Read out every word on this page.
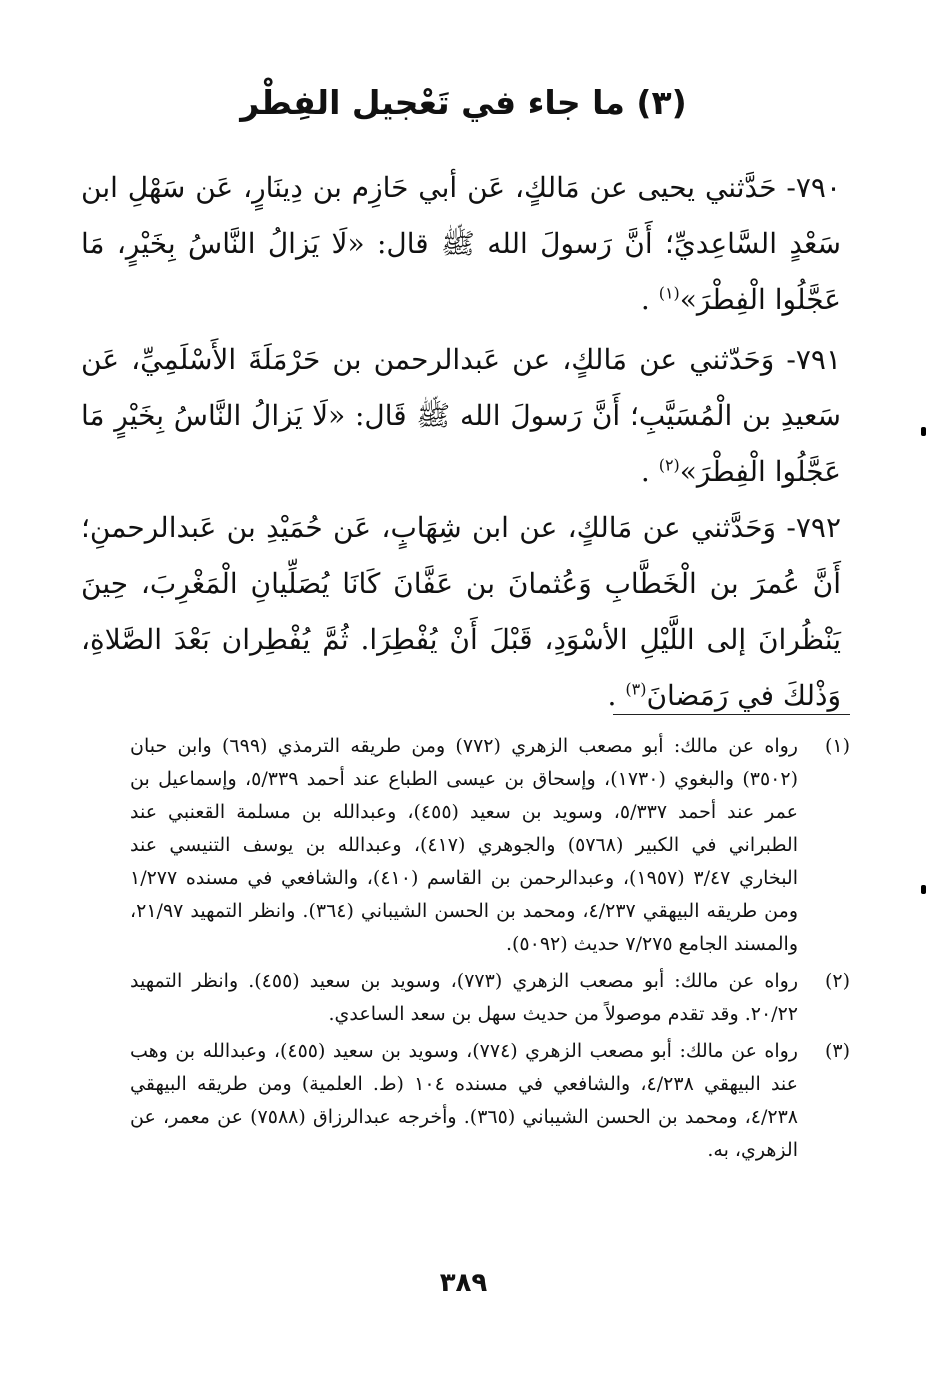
(٣) ما جاء في تَعْجيل الفِطْر

٧٩٠- حَدَّثني يحيى عن مَالكٍ، عَن أبي حَازِم بن دِينَارٍ، عَن سَهْلِ ابن سَعْدٍ السَّاعِديِّ؛ أَنَّ رَسولَ الله ﷺ قال: «لَا يَزالُ النَّاسُ بِخَيْرٍ، مَا عَجَّلُوا الْفِطْرَ»$^{(١)}$ .

٧٩١- وَحَدّثني عن مَالكٍ، عن عَبدالرحمن بن حَرْمَلَةَ الأَسْلَمِيِّ، عَن سَعيدِ بن الْمُسَيَّبِ؛ أَنَّ رَسولَ الله ﷺ قَال: «لَا يَزالُ النَّاسُ بِخَيْرٍ مَا عَجَّلُوا الْفِطْرَ»$^{(٢)}$ .

٧٩٢- وَحَدَّثني عن مَالكٍ، عن ابن شِهَابٍ، عَن حُمَيْدِ بن عَبدالرحمنِ؛ أَنَّ عُمرَ بن الْخَطَّابِ وَعُثمانَ بن عَفَّانَ كَانَا يُصَلِّيانِ الْمَغْرِبَ، حِينَ يَنْظُرانَ إلى اللَّيْلِ الأسْوَدِ، قَبْلَ أَنْ يُفْطِرَا. ثُمَّ يُفْطِران بَعْدَ الصَّلاةِ، وَذْلكَ في رَمَضانَ$^{(٣)}$ .

(١)
رواه عن مالك: أبو مصعب الزهري (٧٧٢) ومن طريقه الترمذي (٦٩٩) وابن حبان (٣٥٠٢) والبغوي (١٧٣٠)، وإسحاق بن عيسى الطباع عند أحمد ٥/٣٣٩، وإسماعيل بن عمر عند أحمد ٥/٣٣٧، وسويد بن سعيد (٤٥٥)، وعبدالله بن مسلمة القعنبي عند الطبراني في الكبير (٥٧٦٨) والجوهري (٤١٧)، وعبدالله بن يوسف التنيسي عند البخاري ٣/٤٧ (١٩٥٧)، وعبدالرحمن بن القاسم (٤١٠)، والشافعي في مسنده ١/٢٧٧ ومن طريقه البيهقي ٤/٢٣٧، ومحمد بن الحسن الشيباني (٣٦٤). وانظر التمهيد ٢١/٩٧، والمسند الجامع ٧/٢٧٥ حديث (٥٠٩٢).
(٢)
رواه عن مالك: أبو مصعب الزهري (٧٧٣)، وسويد بن سعيد (٤٥٥). وانظر التمهيد ٢٠/٢٢. وقد تقدم موصولاً من حديث سهل بن سعد الساعدي.
(٣)
رواه عن مالك: أبو مصعب الزهري (٧٧٤)، وسويد بن سعيد (٤٥٥)، وعبدالله بن وهب عند البيهقي ٤/٢٣٨، والشافعي في مسنده ١٠٤ (ط. العلمية) ومن طريقه البيهقي ٤/٢٣٨، ومحمد بن الحسن الشيباني (٣٦٥). وأخرجه عبدالرزاق (٧٥٨٨) عن معمر، عن الزهري، به.
٣٨٩
